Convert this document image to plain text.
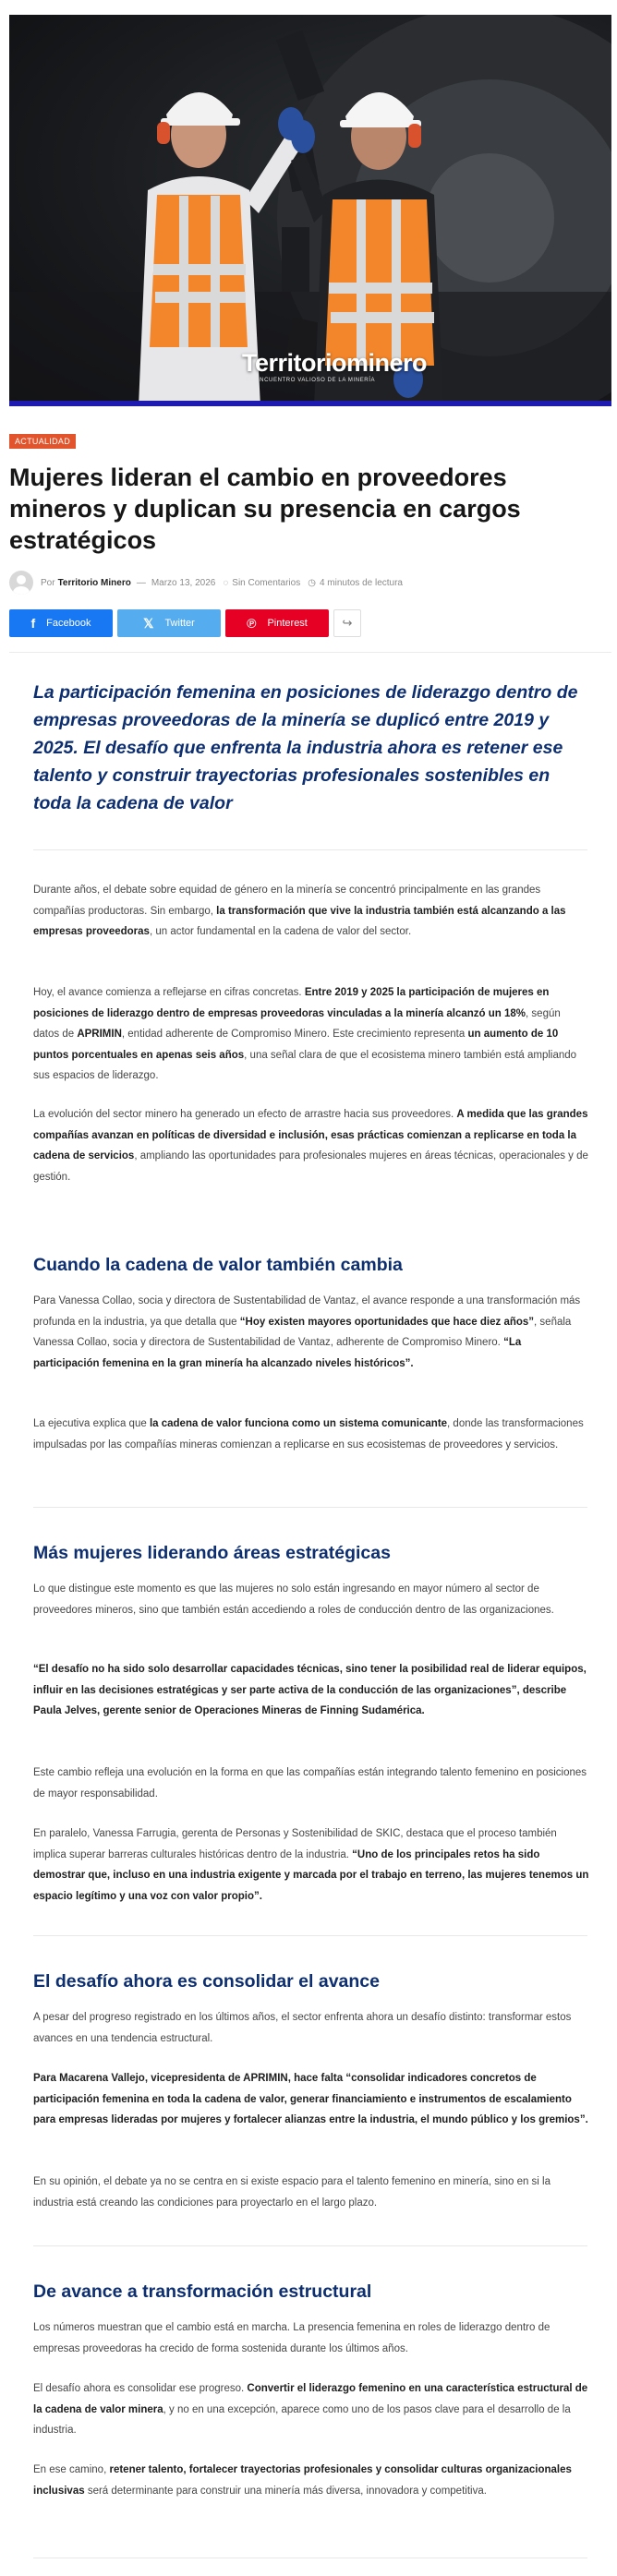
Territoriominero
EL ENCUENTRO VALIOSO DE LA MINERÍA
ACTUALIDAD
Mujeres lideran el cambio en proveedores mineros y duplican su presencia en cargos estratégicos
Por Territorio Minero — Marzo 13, 2026 ◌ Sin Comentarios ◷ 4 minutos de lectura
f Facebook	𝕏 Twitter	℗ Pinterest	↪

La participación femenina en posiciones de liderazgo dentro de empresas proveedoras de la minería se duplicó entre 2019 y 2025. El desafío que enfrenta la industria ahora es retener ese talento y construir trayectorias profesionales sostenibles en toda la cadena de valor

Durante años, el debate sobre equidad de género en la minería se concentró principalmente en las grandes compañías productoras. Sin embargo, la transformación que vive la industria también está alcanzando a las empresas proveedoras, un actor fundamental en la cadena de valor del sector.

Hoy, el avance comienza a reflejarse en cifras concretas. Entre 2019 y 2025 la participación de mujeres en posiciones de liderazgo dentro de empresas proveedoras vinculadas a la minería alcanzó un 18%, según datos de APRIMIN, entidad adherente de Compromiso Minero. Este crecimiento representa un aumento de 10 puntos porcentuales en apenas seis años, una señal clara de que el ecosistema minero también está ampliando sus espacios de liderazgo.

La evolución del sector minero ha generado un efecto de arrastre hacia sus proveedores. A medida que las grandes compañías avanzan en políticas de diversidad e inclusión, esas prácticas comienzan a replicarse en toda la cadena de servicios, ampliando las oportunidades para profesionales mujeres en áreas técnicas, operacionales y de gestión.

Cuando la cadena de valor también cambia

Para Vanessa Collao, socia y directora de Sustentabilidad de Vantaz, el avance responde a una transformación más profunda en la industria, ya que detalla que “Hoy existen mayores oportunidades que hace diez años”, señala Vanessa Collao, socia y directora de Sustentabilidad de Vantaz, adherente de Compromiso Minero. “La participación femenina en la gran minería ha alcanzado niveles históricos”.

La ejecutiva explica que la cadena de valor funciona como un sistema comunicante, donde las transformaciones impulsadas por las compañías mineras comienzan a replicarse en sus ecosistemas de proveedores y servicios.

Más mujeres liderando áreas estratégicas

Lo que distingue este momento es que las mujeres no solo están ingresando en mayor número al sector de proveedores mineros, sino que también están accediendo a roles de conducción dentro de las organizaciones.

“El desafío no ha sido solo desarrollar capacidades técnicas, sino tener la posibilidad real de liderar equipos, influir en las decisiones estratégicas y ser parte activa de la conducción de las organizaciones”, describe Paula Jelves, gerente senior de Operaciones Mineras de Finning Sudamérica.

Este cambio refleja una evolución en la forma en que las compañías están integrando talento femenino en posiciones de mayor responsabilidad.

En paralelo, Vanessa Farrugia, gerenta de Personas y Sostenibilidad de SKIC, destaca que el proceso también implica superar barreras culturales históricas dentro de la industria. “Uno de los principales retos ha sido demostrar que, incluso en una industria exigente y marcada por el trabajo en terreno, las mujeres tenemos un espacio legítimo y una voz con valor propio”.

El desafío ahora es consolidar el avance

A pesar del progreso registrado en los últimos años, el sector enfrenta ahora un desafío distinto: transformar estos avances en una tendencia estructural.

Para Macarena Vallejo, vicepresidenta de APRIMIN, hace falta “consolidar indicadores concretos de participación femenina en toda la cadena de valor, generar financiamiento e instrumentos de escalamiento para empresas lideradas por mujeres y fortalecer alianzas entre la industria, el mundo público y los gremios”.

En su opinión, el debate ya no se centra en si existe espacio para el talento femenino en minería, sino en si la industria está creando las condiciones para proyectarlo en el largo plazo.

De avance a transformación estructural

Los números muestran que el cambio está en marcha. La presencia femenina en roles de liderazgo dentro de empresas proveedoras ha crecido de forma sostenida durante los últimos años.

El desafío ahora es consolidar ese progreso. Convertir el liderazgo femenino en una característica estructural de la cadena de valor minera, y no en una excepción, aparece como uno de los pasos clave para el desarrollo de la industria.

En ese camino, retener talento, fortalecer trayectorias profesionales y consolidar culturas organizacionales inclusivas será determinante para construir una minería más diversa, innovadora y competitiva.
